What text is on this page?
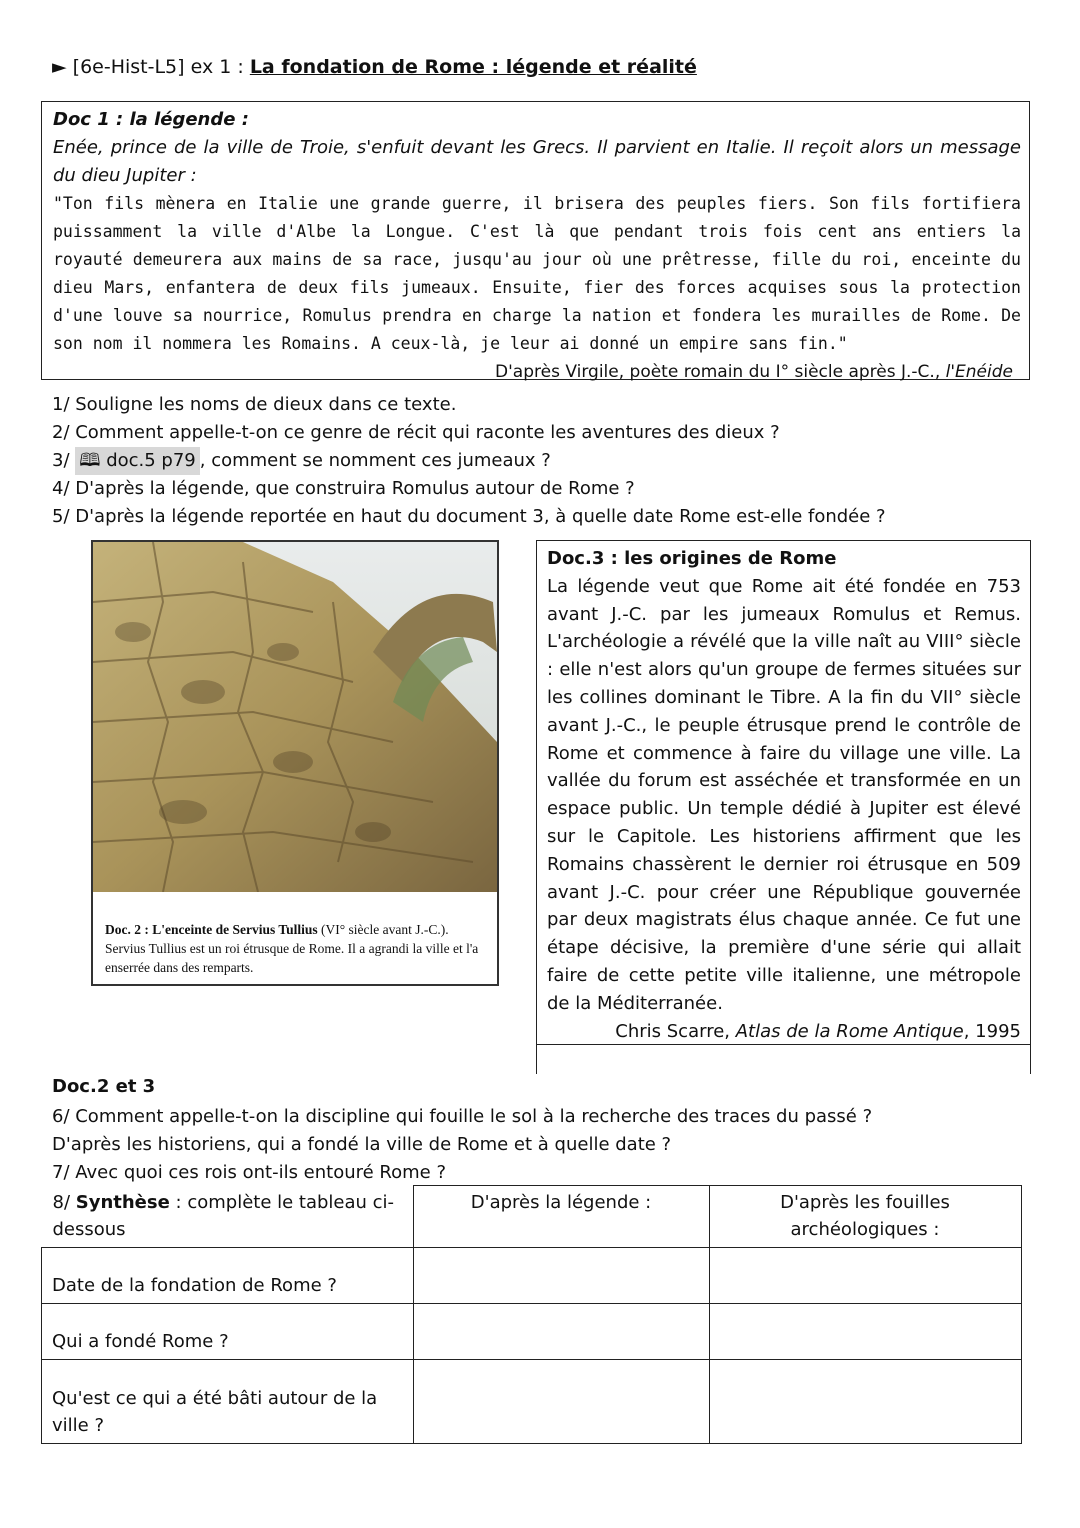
► [6e-Hist-L5] ex 1 : La fondation de Rome : légende et réalité
Doc 1 : la légende :
Enée, prince de la ville de Troie, s'enfuit devant les Grecs. Il parvient en Italie. Il reçoit alors un message du dieu Jupiter :
"Ton fils mènera en Italie une grande guerre, il brisera des peuples fiers. Son fils fortifiera puissamment la ville d'Albe la Longue. C'est là que pendant trois fois cent ans entiers la royauté demeurera aux mains de sa race, jusqu'au jour où une prêtresse, fille du roi, enceinte du dieu Mars, enfantera de deux fils jumeaux. Ensuite, fier des forces acquises sous la protection d'une louve sa nourrice, Romulus prendra en charge la nation et fondera les murailles de Rome. De son nom il nommera les Romains. A ceux-là, je leur ai donné un empire sans fin."
D'après Virgile, poète romain du I° siècle après J.-C., l'Enéide
1/ Souligne les noms de dieux dans ce texte.
2/ Comment appelle-t-on ce genre de récit qui raconte les aventures des dieux ?
3/ 🕮 doc.5 p79 , comment se nomment ces jumeaux ?
4/ D'après la légende, que construira Romulus autour de Rome ?
5/ D'après la légende reportée en haut du document 3, à quelle date Rome est-elle fondée ?
Doc. 2 : L'enceinte de Servius Tullius (VI° siècle avant J.-C.). Servius Tullius est un roi étrusque de Rome. Il a agrandi la ville et l'a enserrée dans des remparts.
Doc.3 : les origines de Rome
La légende veut que Rome ait été fondée en 753 avant J.-C. par les jumeaux Romulus et Remus. L'archéologie a révélé que la ville naît au VIII° siècle : elle n'est alors qu'un groupe de fermes situées sur les collines dominant le Tibre. A la fin du VII° siècle avant J.-C., le peuple étrusque prend le contrôle de Rome et commence à faire du village une ville. La vallée du forum est asséchée et transformée en un espace public. Un temple dédié à Jupiter est élevé sur le Capitole. Les historiens affirment que les Romains chassèrent le dernier roi étrusque en 509 avant J.-C. pour créer une République gouvernée par deux magistrats élus chaque année. Ce fut une étape décisive, la première d'une série qui allait faire de cette petite ville italienne, une métropole de la Méditerranée.
Chris Scarre, Atlas de la Rome Antique, 1995
Doc.2 et 3
6/ Comment appelle-t-on la discipline qui fouille le sol à la recherche des traces du passé ?
D'après les historiens, qui a fondé la ville de Rome et à quelle date ?
7/ Avec quoi ces rois ont-ils entouré Rome ?
8/ Synthèse : complète le tableau ci-dessous	D'après la légende :	D'après les fouilles archéologiques :
Date de la fondation de Rome ?		
Qui a fondé Rome ?		
Qu'est ce qui a été bâti autour de la ville ?		
